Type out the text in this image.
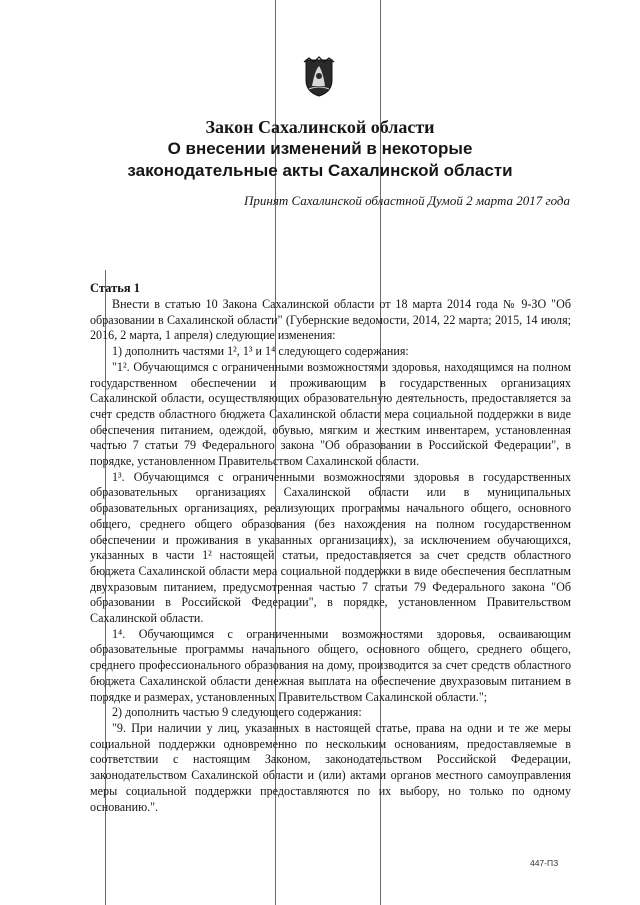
Закон Сахалинской области
О внесении изменений в некоторые
законодательные акты Сахалинской области
Принят Сахалинской областной Думой 2 марта 2017 года
Статья 1

Внести в статью 10 Закона Сахалинской области от 18 марта 2014 года № 9-ЗО "Об образовании в Сахалинской области" (Губернские ведомости, 2014, 22 марта; 2015, 14 июля; 2016, 2 марта, 1 апреля) следующие изменения:

1) дополнить частями 1², 1³ и 1⁴ следующего содержания:

"1². Обучающимся с ограниченными возможностями здоровья, находящимся на полном государственном обеспечении и проживающим в государственных организациях Сахалинской области, осуществляющих образовательную деятельность, предоставляется за счет средств областного бюджета Сахалинской области мера социальной поддержки в виде обеспечения питанием, одеждой, обувью, мягким и жестким инвентарем, установленная частью 7 статьи 79 Федерального закона "Об образовании в Российской Федерации", в порядке, установленном Правительством Сахалинской области.

1³. Обучающимся с ограниченными возможностями здоровья в государственных образовательных организациях Сахалинской области или в муниципальных образовательных организациях, реализующих программы начального общего, основного общего, среднего общего образования (без нахождения на полном государственном обеспечении и проживания в указанных организациях), за исключением обучающихся, указанных в части 1² настоящей статьи, предоставляется за счет средств областного бюджета Сахалинской области мера социальной поддержки в виде обеспечения бесплатным двухразовым питанием, предусмотренная частью 7 статьи 79 Федерального закона "Об образовании в Российской Федерации", в порядке, установленном Правительством Сахалинской области.

1⁴. Обучающимся с ограниченными возможностями здоровья, осваивающим образовательные программы начального общего, основного общего, среднего общего, среднего профессионального образования на дому, производится за счет средств областного бюджета Сахалинской области денежная выплата на обеспечение двухразовым питанием в порядке и размерах, установленных Правительством Сахалинской области.";

2) дополнить частью 9 следующего содержания:

"9. При наличии у лиц, указанных в настоящей статье, права на одни и те же меры социальной поддержки одновременно по нескольким основаниям, предоставляемые в соответствии с настоящим Законом, законодательством Российской Федерации, законодательством Сахалинской области и (или) актами органов местного самоуправления меры социальной поддержки предоставляются по их выбору, но только по одному основанию.".

447-ПЗ
